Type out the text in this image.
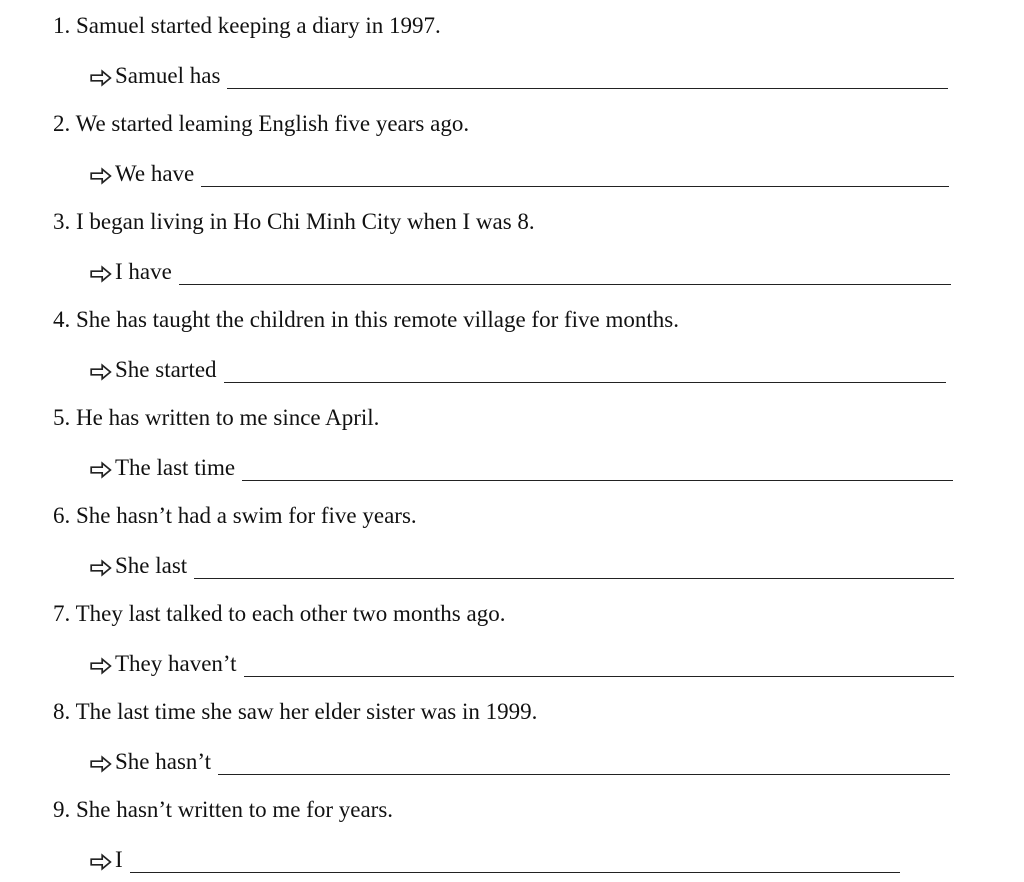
1. Samuel started keeping a diary in 1997.
Samuel has
2. We started leaming English five years ago.
We have
3. I began living in Ho Chi Minh City when I was 8.
I have
4. She has taught the children in this remote village for five months.
She started
5. He has written to me since April.
The last time
6. She hasn’t had a swim for five years.
She last
7. They last talked to each other two months ago.
They haven’t
8. The last time she saw her elder sister was in 1999.
She hasn’t
9. She hasn’t written to me for years.
I
